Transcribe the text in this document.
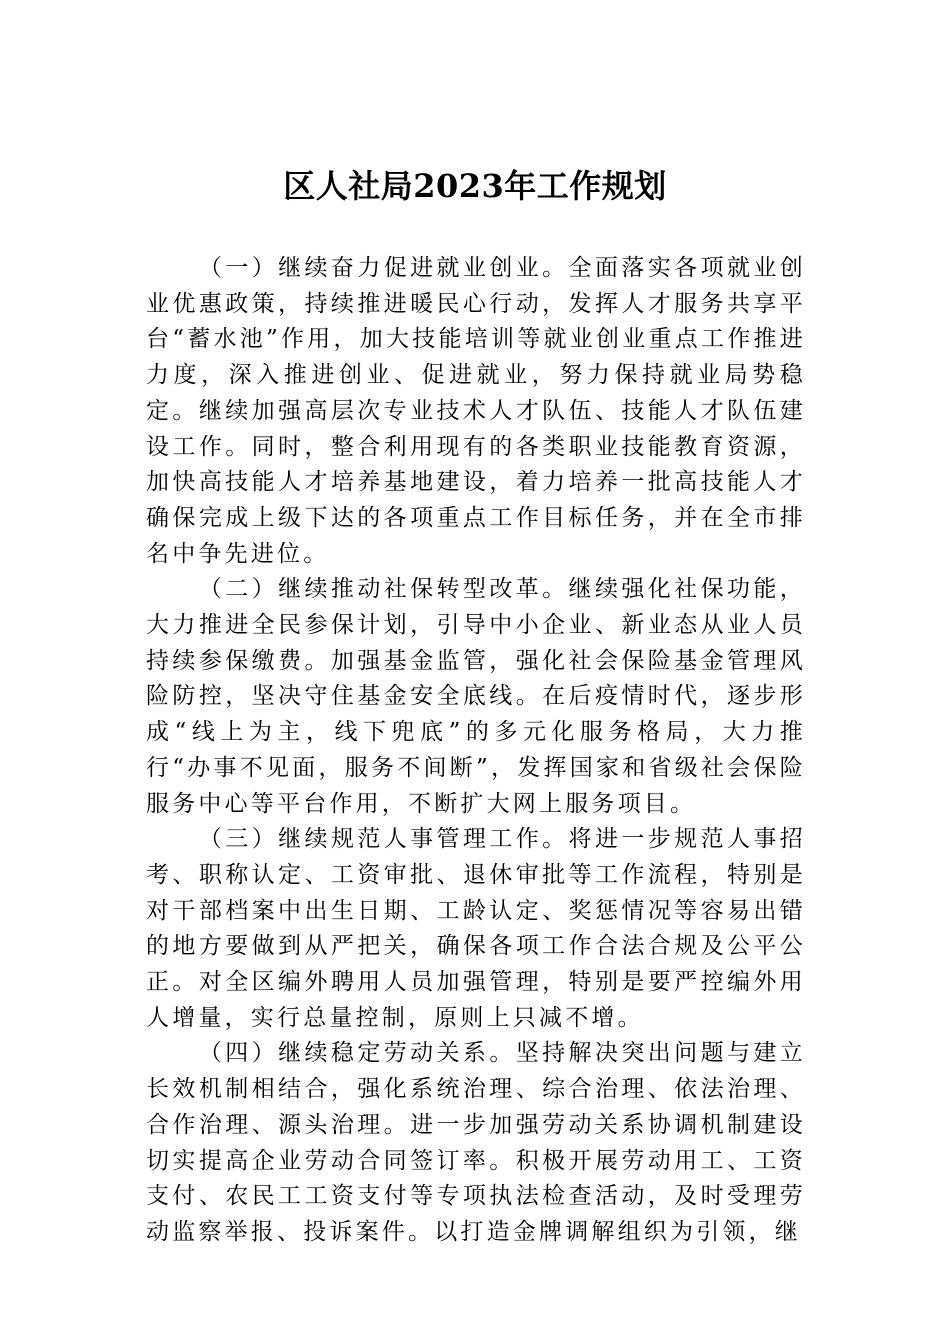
区人社局2023年工作规划

（一）继续奋力促进就业创业。全面落实各项就业创业优惠政策，持续推进暖民心行动，发挥人才服务共享平台“蓄水池”作用，加大技能培训等就业创业重点工作推进力度，深入推进创业、促进就业，努力保持就业局势稳定。继续加强高层次专业技术人才队伍、技能人才队伍建设工作。同时，整合利用现有的各类职业技能教育资源，加快高技能人才培养基地建设，着力培养一批高技能人才确保完成上级下达的各项重点工作目标任务，并在全市排名中争先进位。

（二）继续推动社保转型改革。继续强化社保功能，大力推进全民参保计划，引导中小企业、新业态从业人员持续参保缴费。加强基金监管，强化社会保险基金管理风险防控，坚决守住基金安全底线。在后疫情时代，逐步形成“线上为主，线下兜底”的多元化服务格局，大力推行“办事不见面，服务不间断”，发挥国家和省级社会保险服务中心等平台作用，不断扩大网上服务项目。

（三）继续规范人事管理工作。将进一步规范人事招考、职称认定、工资审批、退休审批等工作流程，特别是对干部档案中出生日期、工龄认定、奖惩情况等容易出错的地方要做到从严把关，确保各项工作合法合规及公平公正。对全区编外聘用人员加强管理，特别是要严控编外用人增量，实行总量控制，原则上只减不增。

（四）继续稳定劳动关系。坚持解决突出问题与建立长效机制相结合，强化系统治理、综合治理、依法治理、合作治理、源头治理。进一步加强劳动关系协调机制建设切实提高企业劳动合同签订率。积极开展劳动用工、工资支付、农民工工资支付等专项执法检查活动，及时受理劳动监察举报、投诉案件。以打造金牌调解组织为引领，继
